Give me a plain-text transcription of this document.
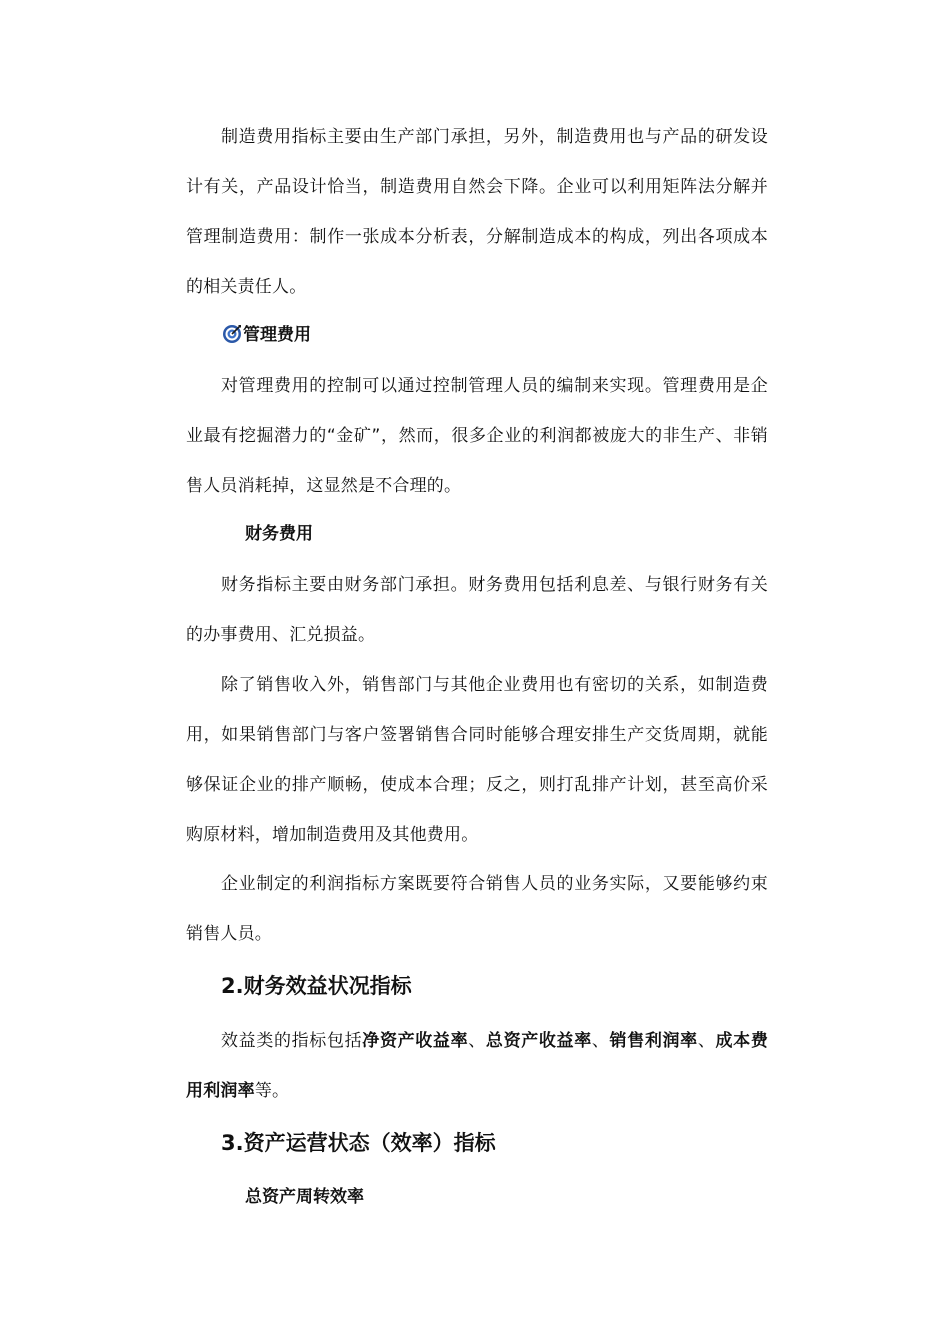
制造费用指标主要由生产部门承担，另外，制造费用也与产品的研发设计有关，产品设计恰当，制造费用自然会下降。企业可以利用矩阵法分解并管理制造费用：制作一张成本分析表，分解制造成本的构成，列出各项成本的相关责任人。

管理费用

对管理费用的控制可以通过控制管理人员的编制来实现。管理费用是企业最有挖掘潜力的“金矿”，然而，很多企业的利润都被庞大的非生产、非销售人员消耗掉，这显然是不合理的。

财务费用

财务指标主要由财务部门承担。财务费用包括利息差、与银行财务有关的办事费用、汇兑损益。

除了销售收入外，销售部门与其他企业费用也有密切的关系，如制造费用，如果销售部门与客户签署销售合同时能够合理安排生产交货周期，就能够保证企业的排产顺畅，使成本合理；反之，则打乱排产计划，甚至高价采购原材料，增加制造费用及其他费用。

企业制定的利润指标方案既要符合销售人员的业务实际，又要能够约束销售人员。

2.财务效益状况指标

效益类的指标包括净资产收益率、总资产收益率、销售利润率、成本费用利润率等。

3.资产运营状态（效率）指标
总资产周转效率
